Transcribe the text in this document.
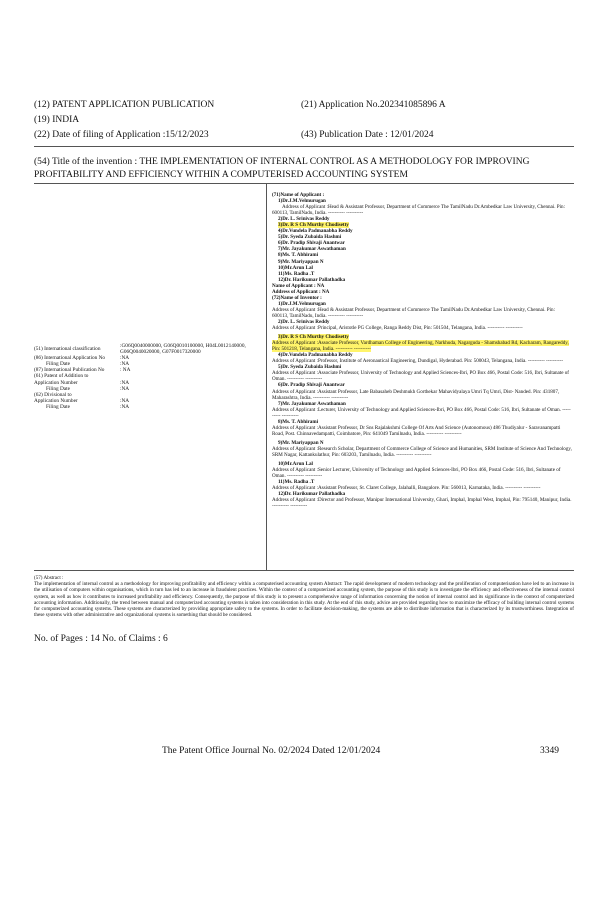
(12) PATENT APPLICATION PUBLICATION	(21) Application No.202341085896 A
(19) INDIA
(22) Date of filing of Application :15/12/2023	(43) Publication Date : 12/01/2024
(54) Title of the invention : THE IMPLEMENTATION OF INTERNAL CONTROL AS A METHODOLOGY FOR IMPROVING PROFITABILITY AND EFFICIENCY WITHIN A COMPUTERISED ACCOUNTING SYSTEM
(51) International classification
:G06Q0040000000, G06Q0010100000, H04L0012140000, G06Q0040020000, G07F0017320000
(86) International Application No	:NA
Filing Date	:NA
(87) International Publication No	: NA
(61) Patent of Addition to Application Number	:NA
Filing Date	:NA
(62) Divisional to Application Number	:NA
Filing Date	:NA
(71)Name of Applicant :
1)Dr.J.M.Velmurugan
Address of Applicant :Head & Assistant Professor, Department of Commerce The TamilNadu Dr.Ambedkar Law University, Chennai. Pin: 600113, TamilNadu, India. ---------- ----------
2)Dr. L. Srinivas Reddy
3)Dr. R S Ch Murthy Chodisetty
4)Dr.Vundela Padmanabha Reddy
5)Dr. Syeda Zubaida Hashmi
6)Dr. Pradip Shivaji Anantwar
7)Mr. Jayakumar Aswathaman
8)Ms. T. Abhirami
9)Mr. Mariyappan N
10)Mr.Arun Lal
11)Ms. Radha .T
12)Dr. Harikumar Pallathadka
Name of Applicant : NA
Address of Applicant : NA
(72)Name of Inventor :
1)Dr.J.M.Velmurugan
Address of Applicant :Head & Assistant Professor, Department of Commerce The TamilNadu Dr.Ambedkar Law University, Chennai. Pin: 600113, TamilNadu, India. ---------- ----------
2)Dr. L. Srinivas Reddy
Address of Applicant :Principal, Aristotle PG College, Ranga Reddy Dist, Pin: 501504, Telangana, India. ---------- ----------
3)Dr. R S Ch Murthy Chodisetty
Address of Applicant :Associate Professor, Vardhaman College of Engineering, Narkhuda, Nagarguda - Shamshabad Rd, Kacharam, Rangareddy, Pin: 501218, Telangana, India. ---------- ----------
4)Dr.Vundela Padmanabha Reddy
Address of Applicant :Professor, Institute of Aeronautical Engineering, Dundigal, Hyderabad. Pin: 500043, Telangana, India. ---------- ----------
5)Dr. Syeda Zubaida Hashmi
Address of Applicant :Associate Professor, University of Technology and Applied Sciences-Ibri, PO Box 466, Postal Code: 516, Ibri, Sultanate of Oman. ---------- ----------
6)Dr. Pradip Shivaji Anantwar
Address of Applicant :Assistant Professor, Late Babasaheb Deshmukh Gorthekar Mahavidyalaya Umri Tq Umri, Dist- Nanded. Pin: 431807, Maharashtra, India. ---------- ----------
7)Mr. Jayakumar Aswathaman
Address of Applicant :Lecturer, University of Technology and Applied Sciences-Ibri, PO Box 466, Postal Code: 516, Ibri, Sultanate of Oman. ---------- ----------
8)Ms. T. Abhirami
Address of Applicant :Assistant Professor, Dr Sns Rajalakshmi College Of Arts And Science (Autonomous) 486 Thudiyalur - Saravanampatti Road, Post. Chinnavedampatti, Coimbatore, Pin: 641049 Tamilnadu, India. ---------- ----------
9)Mr. Mariyappan N
Address of Applicant :Research Scholar, Department of Commerce College of Science and Humanities, SRM Institute of Science And Technology, SRM Nagar, Kattankulathur, Pin: 603203, Tamilnadu, India. ---------- ----------
10)Mr.Arun Lal
Address of Applicant :Senior Lecturer, University of Technology and Applied Sciences-Ibri, PO Box 466, Postal Code: 516, Ibri, Sultanate of Oman. ---------- ----------
11)Ms. Radha .T
Address of Applicant :Assistant Professor, St. Claret College, Jalahalli, Bangalore. Pin: 560013, Karnataka, India. ---------- ----------
12)Dr. Harikumar Pallathadka
Address of Applicant :Director and Professor, Manipur International University, Ghari, Imphal, Imphal West, Imphal, Pin: 795140, Manipur, India. ---------- ----------
(57) Abstract :
The implementation of internal control as a methodology for improving profitability and efficiency within a computerised accounting system Abstract: The rapid development of modern technology and the proliferation of computerisation have led to an increase in the utilisation of computers within organisations, which in turn has led to an increase in fraudulent practices. Within the context of a computerized accounting system, the purpose of this study is to investigate the efficiency and effectiveness of the internal control system, as well as how it contributes to increased profitability and efficiency. Consequently, the purpose of this study is to present a comprehensive range of information concerning the notion of internal control and its significance in the context of computerized accounting information. Additionally, the trend between manual and computerized accounting systems is taken into consideration in this study. At the end of this study, advice are provided regarding how to maximize the efficacy of building internal control systems for computerized accounting systems. These systems are characterized by providing appropriate safety to the systems. In order to facilitate decision-making, the systems are able to distribute information that is characterized by its trustworthiness. Integration of these systems with other administrative and organizational systems is something that should be considered.
No. of Pages : 14 No. of Claims : 6
The Patent Office Journal No. 02/2024 Dated 12/01/2024	3349
